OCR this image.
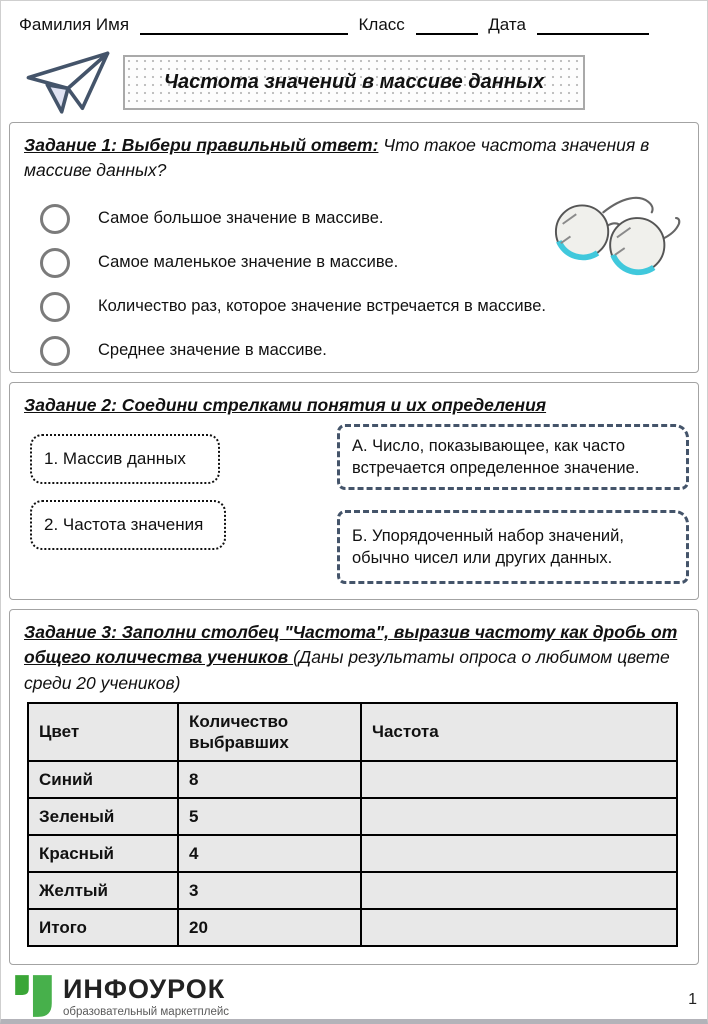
Фамилия Имя	Класс	Дата
Частота значений в массиве данных
Задание 1: Выбери правильный ответ: Что такое частота значения в массиве данных?
Самое большое значение в массиве.
Самое маленькое значение в массиве.
Количество раз, которое значение встречается в массиве.
Среднее значение в массиве.
Задание 2: Соедини стрелками понятия и их определения
1. Массив данных
2. Частота значения
А. Число, показывающее, как часто встречается определенное значение.
Б. Упорядоченный набор значений, обычно чисел или других данных.
Задание 3: Заполни столбец "Частота", выразив частоту как дробь от общего количества учеников (Даны результаты опроса о любимом цвете среди 20 учеников)
Цвет	Количество выбравших	Частота
Синий	8	
Зеленый	5	
Красный	4	
Желтый	3	
Итого	20	
ИНФОУРОК
образовательный маркетплейс
1
